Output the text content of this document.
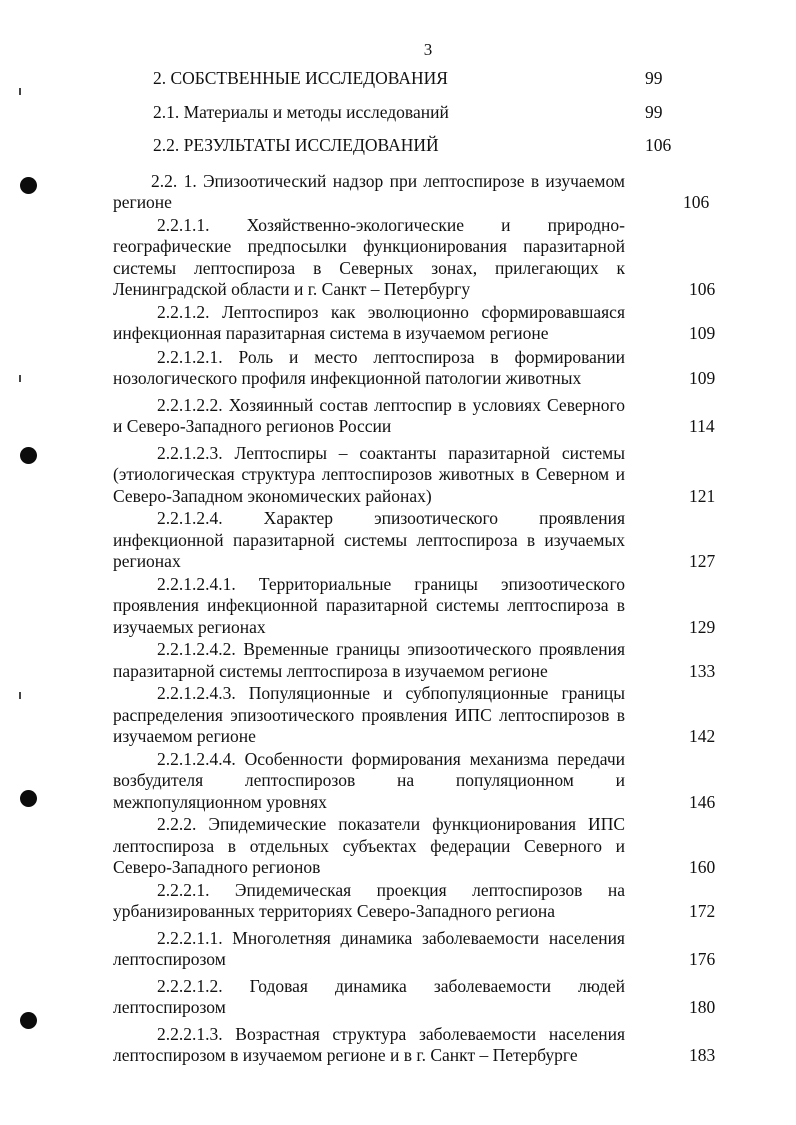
3
2. СОБСТВЕННЫЕ ИССЛЕДОВАНИЯ	99
2.1. Материалы и методы исследований	99
2.2. РЕЗУЛЬТАТЫ ИССЛЕДОВАНИЙ	106
2.2. 1. Эпизоотический надзор при лептоспирозе в изучаемом регионе	106
2.2.1.1. Хозяйственно-экологические и природно-географические предпосылки функционирования паразитарной системы лептоспироза в Северных зонах, прилегающих к Ленинградской области и г. Санкт – Петербургу	106
2.2.1.2. Лептоспироз как эволюционно сформировавшаяся инфекционная паразитарная система в изучаемом регионе	109
2.2.1.2.1. Роль и место лептоспироза в формировании нозологического профиля инфекционной патологии животных	109
2.2.1.2.2. Хозяинный состав лептоспир в условиях Северного и Северо-Западного регионов России	114
2.2.1.2.3. Лептоспиры – соактанты паразитарной системы (этиологическая структура лептоспирозов животных в Северном и Северо-Западном экономических районах)	121
2.2.1.2.4. Характер эпизоотического проявления инфекционной паразитарной системы лептоспироза в изучаемых регионах	127
2.2.1.2.4.1. Территориальные границы эпизоотического проявления инфекционной паразитарной системы лептоспироза в изучаемых регионах	129
2.2.1.2.4.2. Временные границы эпизоотического проявления паразитарной системы лептоспироза в изучаемом регионе	133
2.2.1.2.4.3. Популяционные и субпопуляционные границы распределения эпизоотического проявления ИПС лептоспирозов в изучаемом регионе	142
2.2.1.2.4.4. Особенности формирования механизма передачи возбудителя лептоспирозов на популяционном и межпопуляционном уровнях	146
2.2.2. Эпидемические показатели функционирования ИПС лептоспироза в отдельных субъектах федерации Северного и Северо-Западного регионов	160
2.2.2.1. Эпидемическая проекция лептоспирозов на урбанизированных территориях Северо-Западного региона	172
2.2.2.1.1. Многолетняя динамика заболеваемости населения лептоспирозом	176
2.2.2.1.2. Годовая динамика заболеваемости людей лептоспирозом	180
2.2.2.1.3. Возрастная структура заболеваемости населения лептоспирозом в изучаемом регионе и в г. Санкт – Петербурге	183
